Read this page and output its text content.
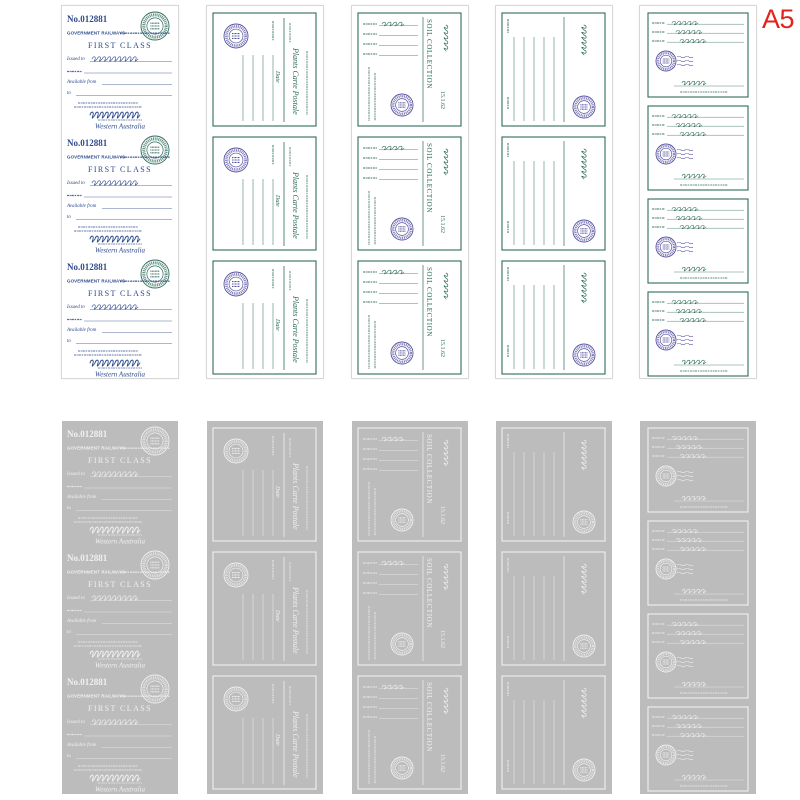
A5
No.012881
GOVERNMENT RAILWAYS
FIRST CLASS
Issued to
Available from
to
Western Australia
No.012881
GOVERNMENT RAILWAYS
FIRST CLASS
Issued to
Available from
to
Western Australia
No.012881
GOVERNMENT RAILWAYS
FIRST CLASS
Issued to
Available from
to
Western Australia
Date Plants Carte Postale
Date Plants Carte Postale
Date Plants Carte Postale
SOIL COLLECTION
15.1.62
SOIL COLLECTION
15.1.62
SOIL COLLECTION
15.1.62
No.012881
GOVERNMENT RAILWAYS
FIRST CLASS
Issued to
Available from
to
Western Australia
No.012881
GOVERNMENT RAILWAYS
FIRST CLASS
Issued to
Available from
to
Western Australia
No.012881
GOVERNMENT RAILWAYS
FIRST CLASS
Issued to
Available from
to
Western Australia
Date Plants Carte Postale
Date Plants Carte Postale
Date Plants Carte Postale
SOIL COLLECTION
15.1.62
SOIL COLLECTION
15.1.62
SOIL COLLECTION
15.1.62
